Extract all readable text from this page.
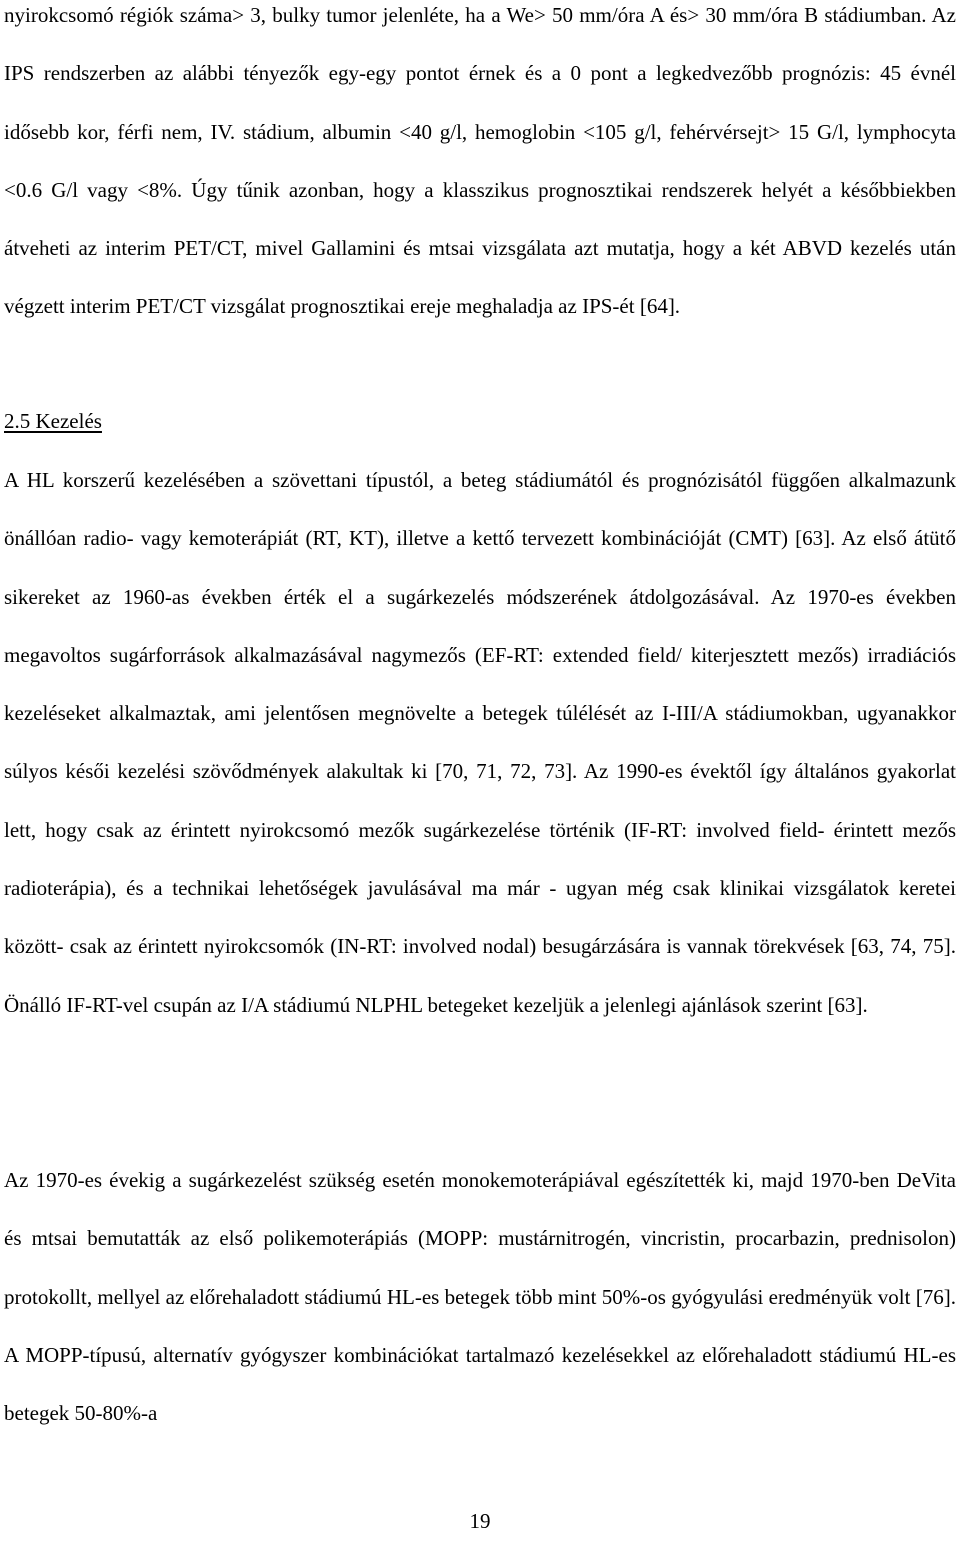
nyirokcsomó régiók száma> 3, bulky tumor jelenléte, ha a We> 50 mm/óra A és> 30 mm/óra B stádiumban. Az IPS rendszerben az alábbi tényezők egy-egy pontot érnek és a 0 pont a legkedvezőbb prognózis: 45 évnél idősebb kor, férfi nem, IV. stádium, albumin <40 g/l, hemoglobin <105 g/l, fehérvérsejt> 15 G/l, lymphocyta <0.6 G/l vagy <8%. Úgy tűnik azonban, hogy a klasszikus prognosztikai rendszerek helyét a későbbiekben átveheti az interim PET/CT, mivel Gallamini és mtsai vizsgálata azt mutatja, hogy a két ABVD kezelés után végzett interim PET/CT vizsgálat prognosztikai ereje meghaladja az IPS-ét [64].

2.5 Kezelés

A HL korszerű kezelésében a szövettani típustól, a beteg stádiumától és prognózisától függően alkalmazunk önállóan radio- vagy kemoterápiát (RT, KT), illetve a kettő tervezett kombinációját (CMT) [63]. Az első átütő sikereket az 1960-as években érték el a sugárkezelés módszerének átdolgozásával. Az 1970-es években megavoltos sugárforrások alkalmazásával nagymezős (EF-RT: extended field/ kiterjesztett mezős) irradiációs kezeléseket alkalmaztak, ami jelentősen megnövelte a betegek túlélését az I-III/A stádiumokban, ugyanakkor súlyos késői kezelési szövődmények alakultak ki [70, 71, 72, 73]. Az 1990-es évektől így általános gyakorlat lett, hogy csak az érintett nyirokcsomó mezők sugárkezelése történik (IF-RT: involved field- érintett mezős radioterápia), és a technikai lehetőségek javulásával ma már - ugyan még csak klinikai vizsgálatok keretei között- csak az érintett nyirokcsomók (IN-RT: involved nodal) besugárzására is vannak törekvések [63, 74, 75]. Önálló IF-RT-vel csupán az I/A stádiumú NLPHL betegeket kezeljük a jelenlegi ajánlások szerint [63].

Az 1970-es évekig a sugárkezelést szükség esetén monokemoterápiával egészítették ki, majd 1970-ben DeVita és mtsai bemutatták az első polikemoterápiás (MOPP: mustárnitrogén, vincristin, procarbazin, prednisolon) protokollt, mellyel az előrehaladott stádiumú HL-es betegek több mint 50%-os gyógyulási eredményük volt [76]. A MOPP-típusú, alternatív gyógyszer kombinációkat tartalmazó kezelésekkel az előrehaladott stádiumú HL-es betegek 50-80%-a

19
